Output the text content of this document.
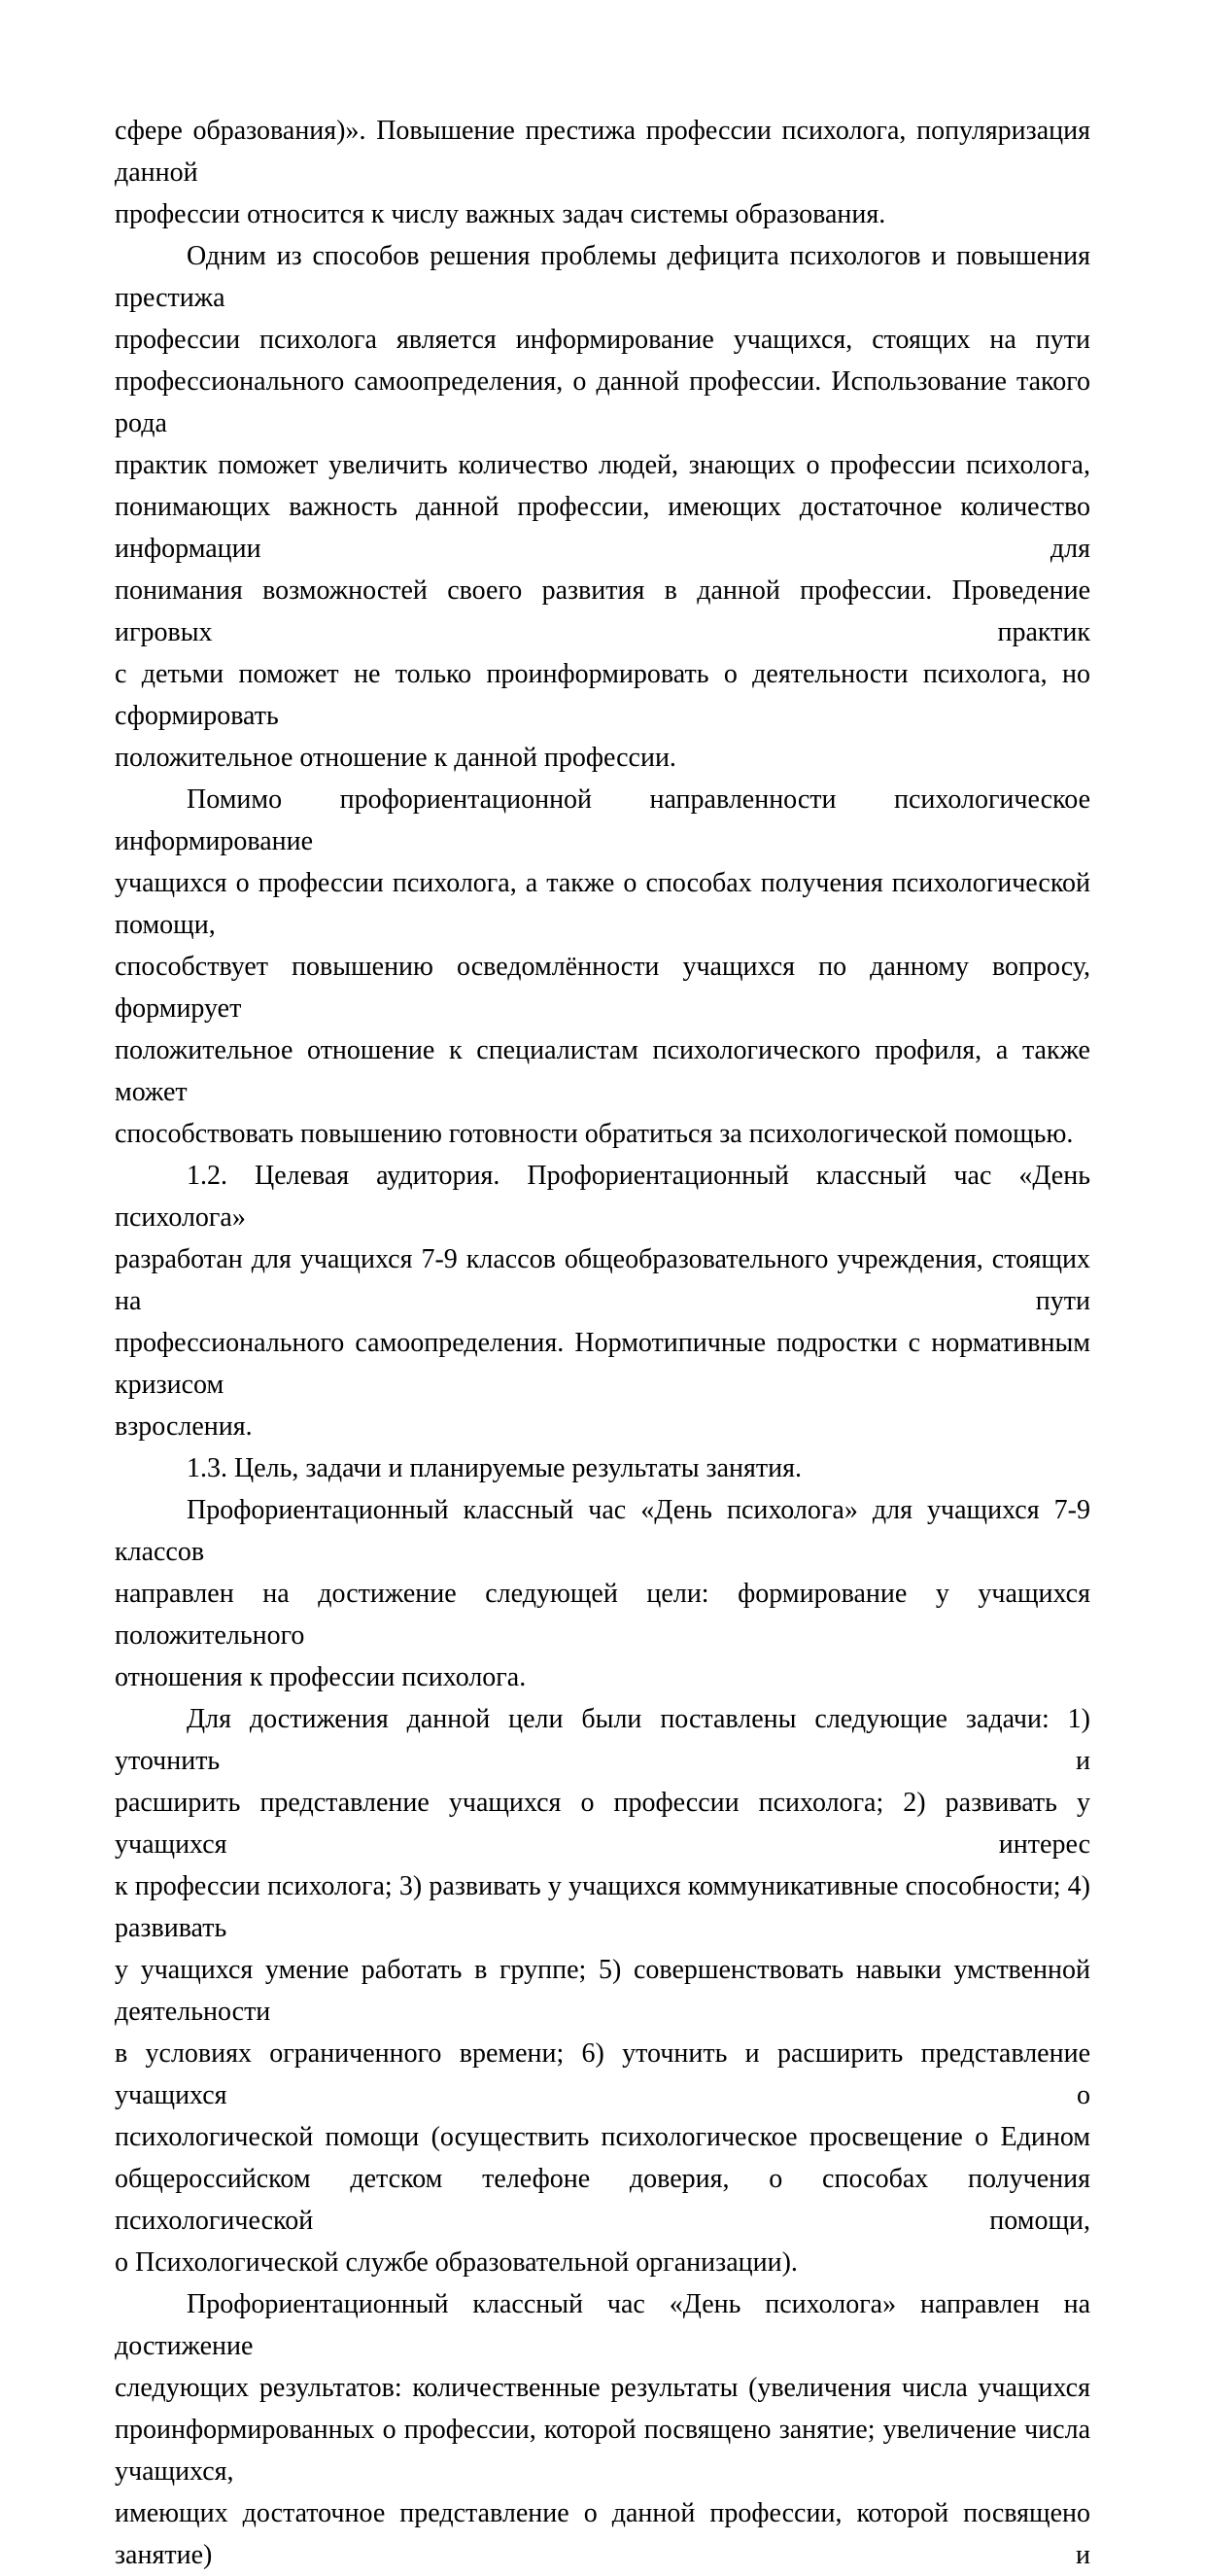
сфере образования)». Повышение престижа профессии психолога, популяризация данной
профессии относится к числу важных задач системы образования.
Одним из способов решения проблемы дефицита психологов и повышения престижа
профессии психолога является информирование учащихся, стоящих на пути
профессионального самоопределения, о данной профессии. Использование такого рода
практик поможет увеличить количество людей, знающих о профессии психолога,
понимающих важность данной профессии, имеющих достаточное количество информации для
понимания возможностей своего развития в данной профессии. Проведение игровых практик
с детьми поможет не только проинформировать о деятельности психолога, но сформировать
положительное отношение к данной профессии.
Помимо профориентационной направленности психологическое информирование
учащихся о профессии психолога, а также о способах получения психологической помощи,
способствует повышению осведомлённости учащихся по данному вопросу, формирует
положительное отношение к специалистам психологического профиля, а также может
способствовать повышению готовности обратиться за психологической помощью.
1.2. Целевая аудитория. Профориентационный классный час «День психолога»
разработан для учащихся 7-9 классов общеобразовательного учреждения, стоящих на пути
профессионального самоопределения. Нормотипичные подростки с нормативным кризисом
взросления.
1.3. Цель, задачи и планируемые результаты занятия.
Профориентационный классный час «День психолога» для учащихся 7-9 классов
направлен на достижение следующей цели: формирование у учащихся положительного
отношения к профессии психолога.
Для достижения данной цели были поставлены следующие задачи: 1) уточнить и
расширить представление учащихся о профессии психолога; 2) развивать у учащихся интерес
к профессии психолога; 3) развивать у учащихся коммуникативные способности; 4) развивать
у учащихся умение работать в группе; 5) совершенствовать навыки умственной деятельности
в условиях ограниченного времени; 6) уточнить и расширить представление учащихся о
психологической помощи (осуществить психологическое просвещение о Едином
общероссийском детском телефоне доверия, о способах получения психологической помощи,
о Психологической службе образовательной организации).
Профориентационный классный час «День психолога» направлен на достижение
следующих результатов: количественные результаты (увеличения числа учащихся
проинформированных о профессии, которой посвящено занятие; увеличение числа учащихся,
имеющих достаточное представление о данной профессии, которой посвящено занятие) и
